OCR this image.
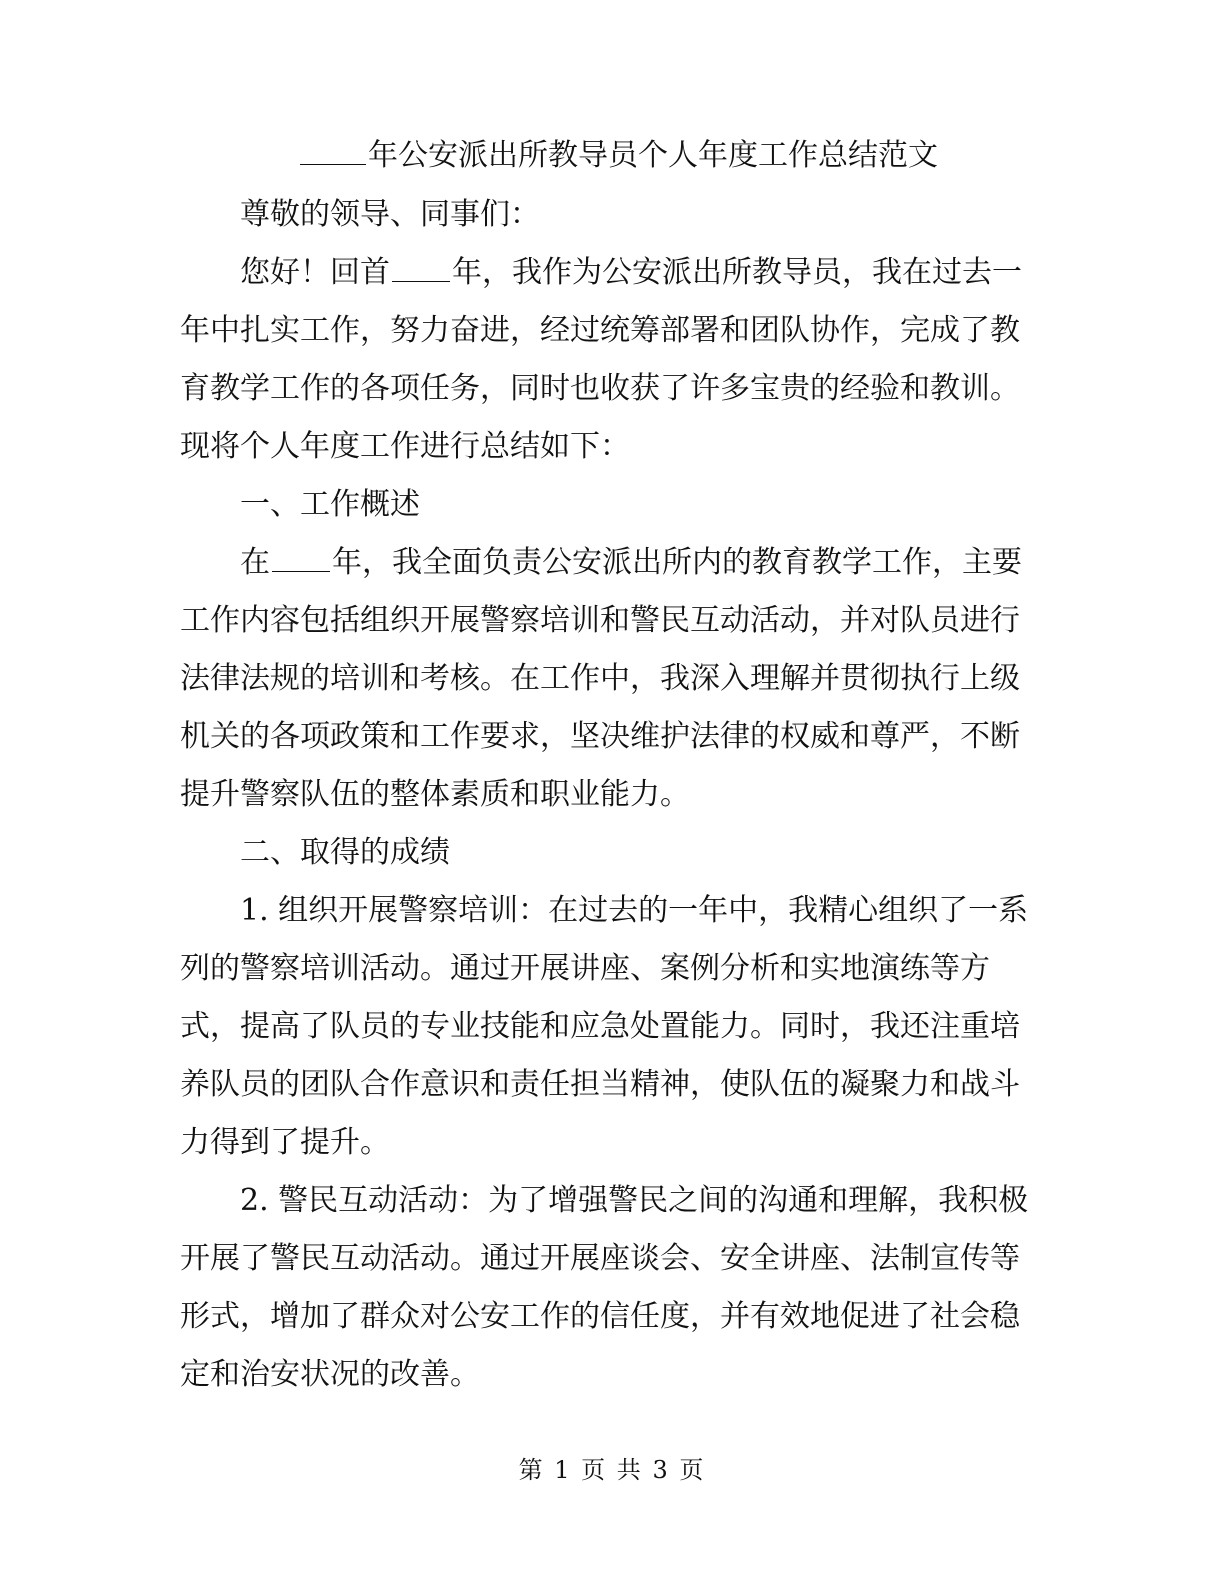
年公安派出所教导员个人年度工作总结范文

尊敬的领导、同事们：

您好！回首 年，我作为公安派出所教导员，我在过去一年中扎实工作，努力奋进，经过统筹部署和团队协作，完成了教育教学工作的各项任务，同时也收获了许多宝贵的经验和教训。现将个人年度工作进行总结如下：

一、工作概述

在 年，我全面负责公安派出所内的教育教学工作，主要工作内容包括组织开展警察培训和警民互动活动，并对队员进行法律法规的培训和考核。在工作中，我深入理解并贯彻执行上级机关的各项政策和工作要求，坚决维护法律的权威和尊严，不断提升警察队伍的整体素质和职业能力。

二、取得的成绩

1. 组织开展警察培训：在过去的一年中，我精心组织了一系列的警察培训活动。通过开展讲座、案例分析和实地演练等方式，提高了队员的专业技能和应急处置能力。同时，我还注重培养队员的团队合作意识和责任担当精神，使队伍的凝聚力和战斗力得到了提升。

2. 警民互动活动：为了增强警民之间的沟通和理解，我积极开展了警民互动活动。通过开展座谈会、安全讲座、法制宣传等形式，增加了群众对公安工作的信任度，并有效地促进了社会稳定和治安状况的改善。

第 1 页 共 3 页
